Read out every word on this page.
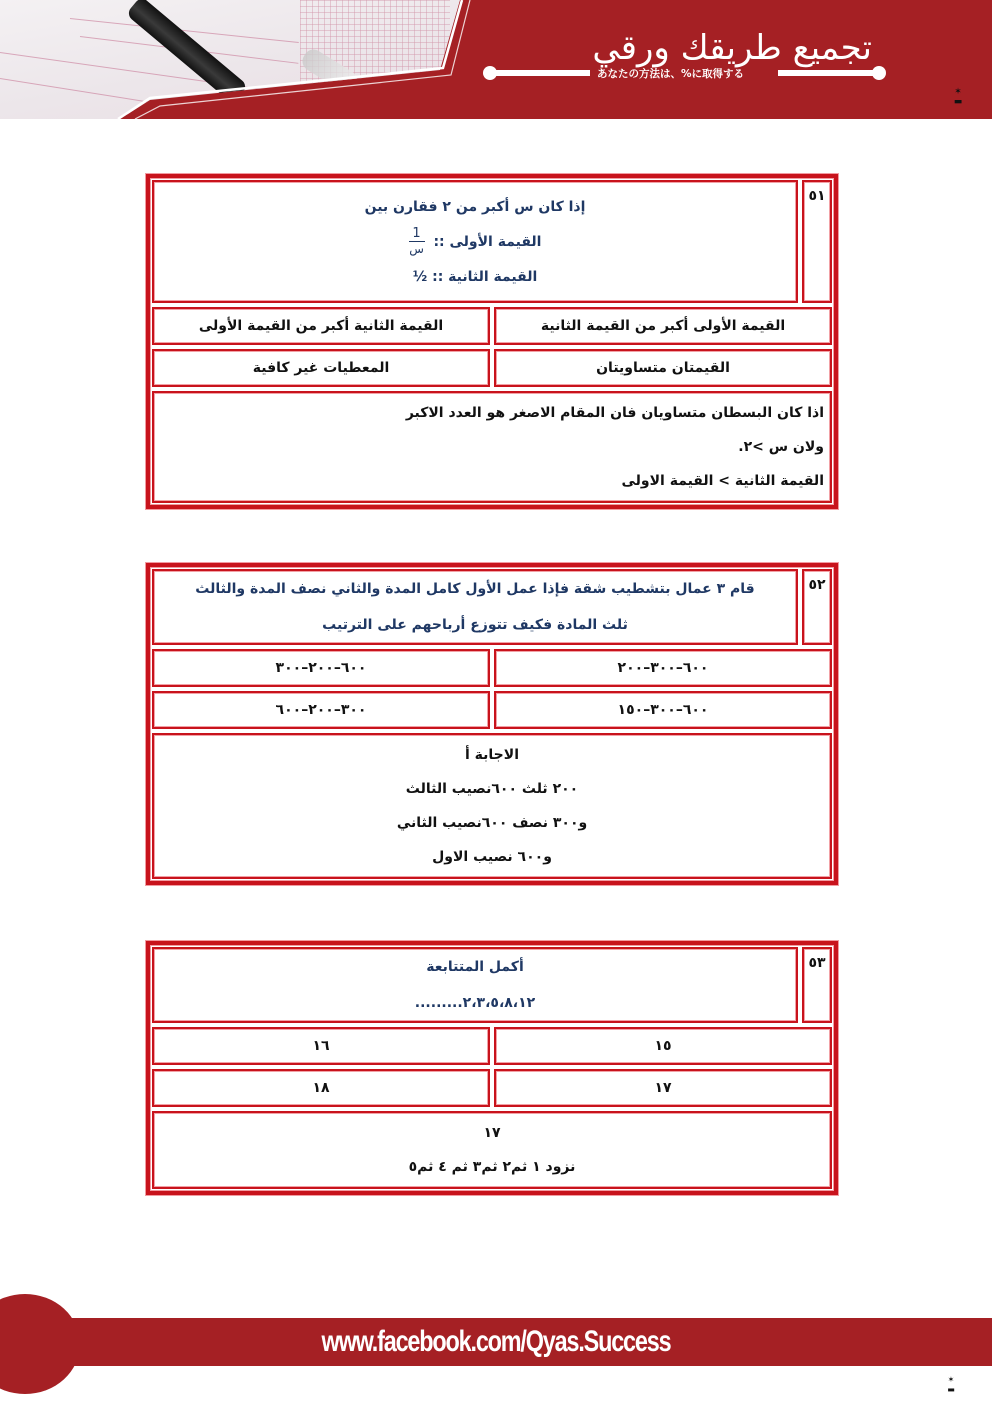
تجميع طريقك ورقي
あなたの方法は、%に取得する
✶
▬
٥١
إذا كان س أكبر من ٢ فقارن بين
القيمة الأولى ::
$\frac{1}{\text{س}}$
القيمة الثانية :: ½
القيمة الأولى أكبر من القيمة الثانية
القيمة الثانية أكبر من القيمة الأولى
القيمتان متساويتان
المعطيات غير كافية
اذا كان البسطان متساويان فان المقام الاصغر هو العدد الاكبر
ولان س >٢.
القيمة الثانية > القيمة الاولى
٥٢
قام ٣ عمال بتشطيب شقة فإذا عمل الأول كامل المدة والثاني نصف المدة والثالث
ثلث المادة فكيف تتوزع أرباحهم على الترتيب
٦٠٠–٣٠٠–٢٠٠
٦٠٠–٢٠٠–٣٠٠
٦٠٠–٣٠٠–١٥٠
٣٠٠–٢٠٠–٦٠٠
الاجابة أ
٢٠٠ ثلث ٦٠٠نصيب الثالث
و٣٠٠ نصف ٦٠٠نصيب الثاني
و٦٠٠ نصيب الاول
٥٣
أكمل المتتابعة
٢،٣،٥،٨،١٢.........
١٥
١٦
١٧
١٨
١٧
نزود ١ ثم٢ ثم٣ ثم ٤ ثم٥
www.facebook.com/Qyas.Success
✶
▬
